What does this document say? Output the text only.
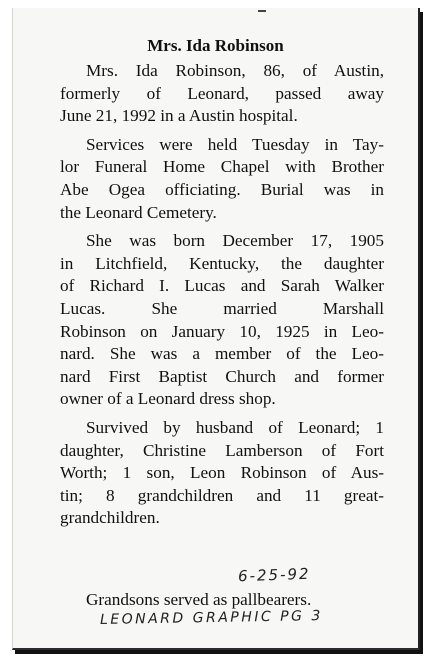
Mrs. Ida Robinson
Mrs. Ida Robinson, 86, of Austin,
formerly of Leonard, passed away
June 21, 1992 in a Austin hospital.
Services were held Tuesday in Tay-
lor Funeral Home Chapel with Brother
Abe Ogea officiating. Burial was in
the Leonard Cemetery.
She was born December 17, 1905
in Litchfield, Kentucky, the daughter
of Richard I. Lucas and Sarah Walker
Lucas. She married Marshall
Robinson on January 10, 1925 in Leo-
nard. She was a member of the Leo-
nard First Baptist Church and former
owner of a Leonard dress shop.
Survived by husband of Leonard; 1
daughter, Christine Lamberson of Fort
Worth; 1 son, Leon Robinson of Aus-
tin; 8 grandchildren and 11 great-
grandchildren.
6-25-92
Grandsons served as pallbearers.
LEONARD GRAPHIC PG 3
